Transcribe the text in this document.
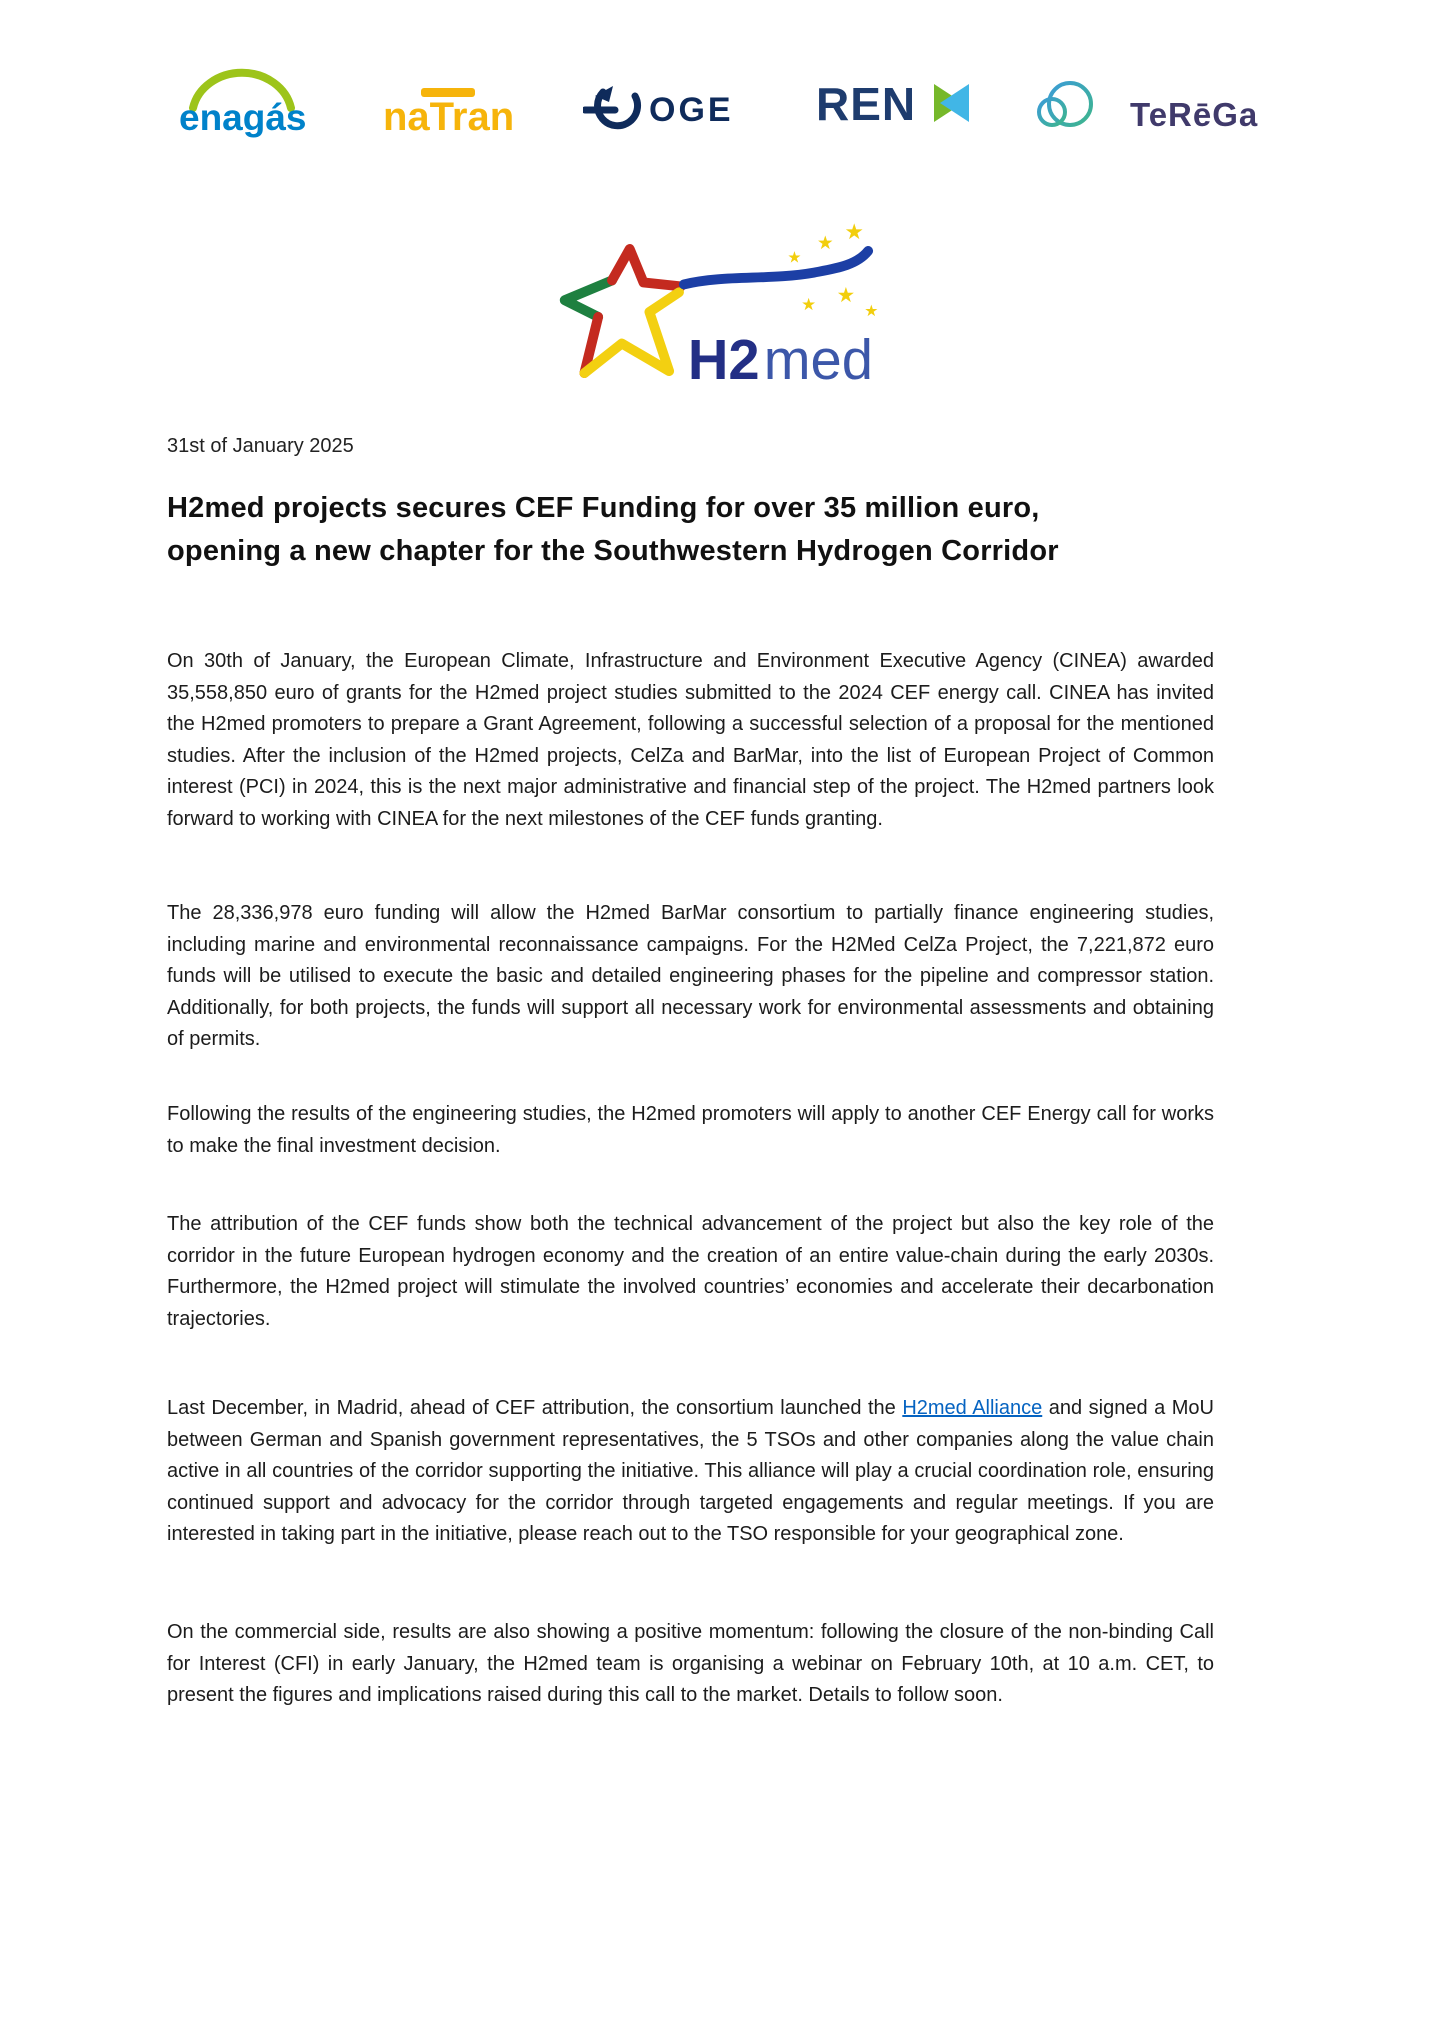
enagás naTran	OGE REN	TeRēGa
★
★ ★
★ ★
★
H2 med
31st of January 2025
H2med projects secures CEF Funding for over 35 million euro,
opening a new chapter for the Southwestern Hydrogen Corridor

On 30th of January, the European Climate, Infrastructure and Environment Executive Agency (CINEA) awarded 35,558,850 euro of grants for the H2med project studies submitted to the 2024 CEF energy call. CINEA has invited the H2med promoters to prepare a Grant Agreement, following a successful selection of a proposal for the mentioned studies. After the inclusion of the H2med projects, CelZa and BarMar, into the list of European Project of Common interest (PCI) in 2024, this is the next major administrative and financial step of the project. The H2med partners look forward to working with CINEA for the next milestones of the CEF funds granting.

The 28,336,978 euro funding will allow the H2med BarMar consortium to partially finance engineering studies, including marine and environmental reconnaissance campaigns. For the H2Med CelZa Project, the 7,221,872 euro funds will be utilised to execute the basic and detailed engineering phases for the pipeline and compressor station. Additionally, for both projects, the funds will support all necessary work for environmental assessments and obtaining of permits.

Following the results of the engineering studies, the H2med promoters will apply to another CEF Energy call for works to make the final investment decision.

The attribution of the CEF funds show both the technical advancement of the project but also the key role of the corridor in the future European hydrogen economy and the creation of an entire value-chain during the early 2030s. Furthermore, the H2med project will stimulate the involved countries’ economies and accelerate their decarbonation trajectories.

Last December, in Madrid, ahead of CEF attribution, the consortium launched the H2med Alliance and signed a MoU between German and Spanish government representatives, the 5 TSOs and other companies along the value chain active in all countries of the corridor supporting the initiative. This alliance will play a crucial coordination role, ensuring continued support and advocacy for the corridor through targeted engagements and regular meetings. If you are interested in taking part in the initiative, please reach out to the TSO responsible for your geographical zone.

On the commercial side, results are also showing a positive momentum: following the closure of the non-binding Call for Interest (CFI) in early January, the H2med team is organising a webinar on February 10th, at 10 a.m. CET, to present the figures and implications raised during this call to the market. Details to follow soon.
